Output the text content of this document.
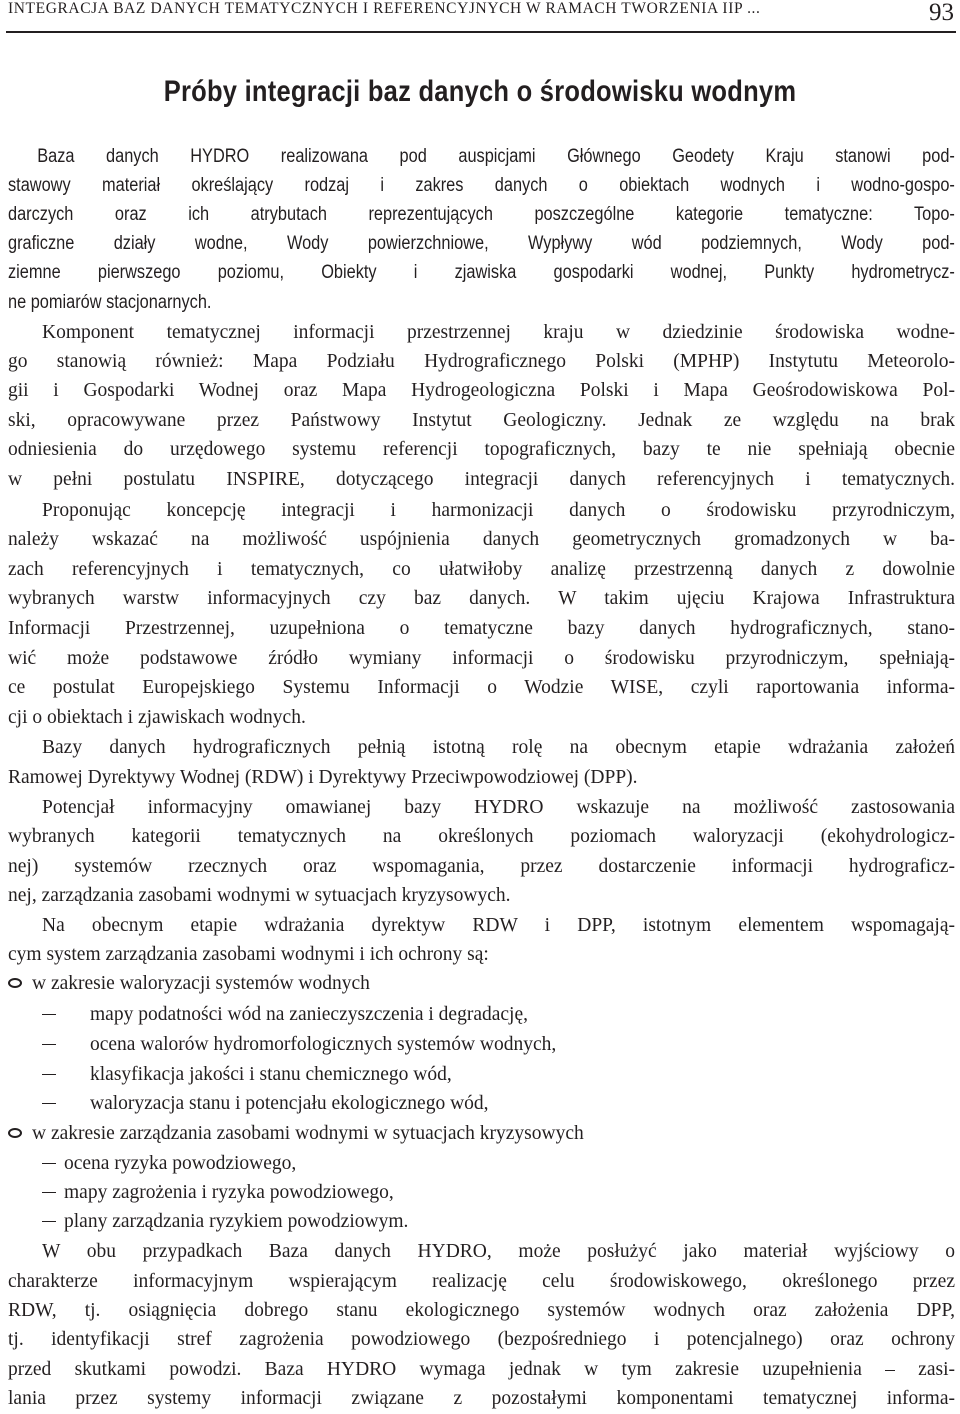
INTEGRACJA BAZ DANYCH TEMATYCZNYCH I REFERENCYJNYCH W RAMACH TWORZENIA IIP ...	93
Próby integracji baz danych o środowisku wodnym
Baza danych HYDRO realizowana pod auspicjami Głównego Geodety Kraju stanowi pod-
stawowy materiał określający rodzaj i zakres danych o obiektach wodnych i wodno-gospo-
darczych oraz ich atrybutach reprezentujących poszczególne kategorie tematyczne: Topo-
graficzne działy wodne, Wody powierzchniowe, Wypływy wód podziemnych, Wody pod-
ziemne pierwszego poziomu, Obiekty i zjawiska gospodarki wodnej, Punkty hydrometrycz-
ne pomiarów stacjonarnych.
Komponent tematycznej informacji przestrzennej kraju w dziedzinie środowiska wodne-
go stanowią również: Mapa Podziału Hydrograficznego Polski (MPHP) Instytutu Meteorolo-
gii i Gospodarki Wodnej oraz Mapa Hydrogeologiczna Polski i Mapa Geośrodowiskowa Pol-
ski, opracowywane przez Państwowy Instytut Geologiczny. Jednak ze względu na brak
odniesienia do urzędowego systemu referencji topograficznych, bazy te nie spełniają obecnie
w pełni postulatu INSPIRE, dotyczącego integracji danych referencyjnych i tematycznych.
Proponując koncepcję integracji i harmonizacji danych o środowisku przyrodniczym,
należy wskazać na możliwość uspójnienia danych geometrycznych gromadzonych w ba-
zach referencyjnych i tematycznych, co ułatwiłoby analizę przestrzenną danych z dowolnie
wybranych warstw informacyjnych czy baz danych. W takim ujęciu Krajowa Infrastruktura
Informacji Przestrzennej, uzupełniona o tematyczne bazy danych hydrograficznych, stano-
wić może podstawowe źródło wymiany informacji o środowisku przyrodniczym, spełniają-
ce postulat Europejskiego Systemu Informacji o Wodzie WISE, czyli raportowania informa-
cji o obiektach i zjawiskach wodnych.
Bazy danych hydrograficznych pełnią istotną rolę na obecnym etapie wdrażania założeń
Ramowej Dyrektywy Wodnej (RDW) i Dyrektywy Przeciwpowodziowej (DPP).
Potencjał informacyjny omawianej bazy HYDRO wskazuje na możliwość zastosowania
wybranych kategorii tematycznych na określonych poziomach waloryzacji (ekohydrologicz-
nej) systemów rzecznych oraz wspomagania, przez dostarczenie informacji hydrograficz-
nej, zarządzania zasobami wodnymi w sytuacjach kryzysowych.
Na obecnym etapie wdrażania dyrektyw RDW i DPP, istotnym elementem wspomagają-
cym system zarządzania zasobami wodnymi i ich ochrony są:
w zakresie waloryzacji systemów wodnych
mapy podatności wód na zanieczyszczenia i degradację,
ocena walorów hydromorfologicznych systemów wodnych,
klasyfikacja jakości i stanu chemicznego wód,
waloryzacja stanu i potencjału ekologicznego wód,
w zakresie zarządzania zasobami wodnymi w sytuacjach kryzysowych
ocena ryzyka powodziowego,
mapy zagrożenia i ryzyka powodziowego,
plany zarządzania ryzykiem powodziowym.
W obu przypadkach Baza danych HYDRO, może posłużyć jako materiał wyjściowy o
charakterze informacyjnym wspierającym realizację celu środowiskowego, określonego przez
RDW, tj. osiągnięcia dobrego stanu ekologicznego systemów wodnych oraz założenia DPP,
tj. identyfikacji stref zagrożenia powodziowego (bezpośredniego i potencjalnego) oraz ochrony
przed skutkami powodzi. Baza HYDRO wymaga jednak w tym zakresie uzupełnienia – zasi-
lania przez systemy informacji związane z pozostałymi komponentami tematycznej informa-
